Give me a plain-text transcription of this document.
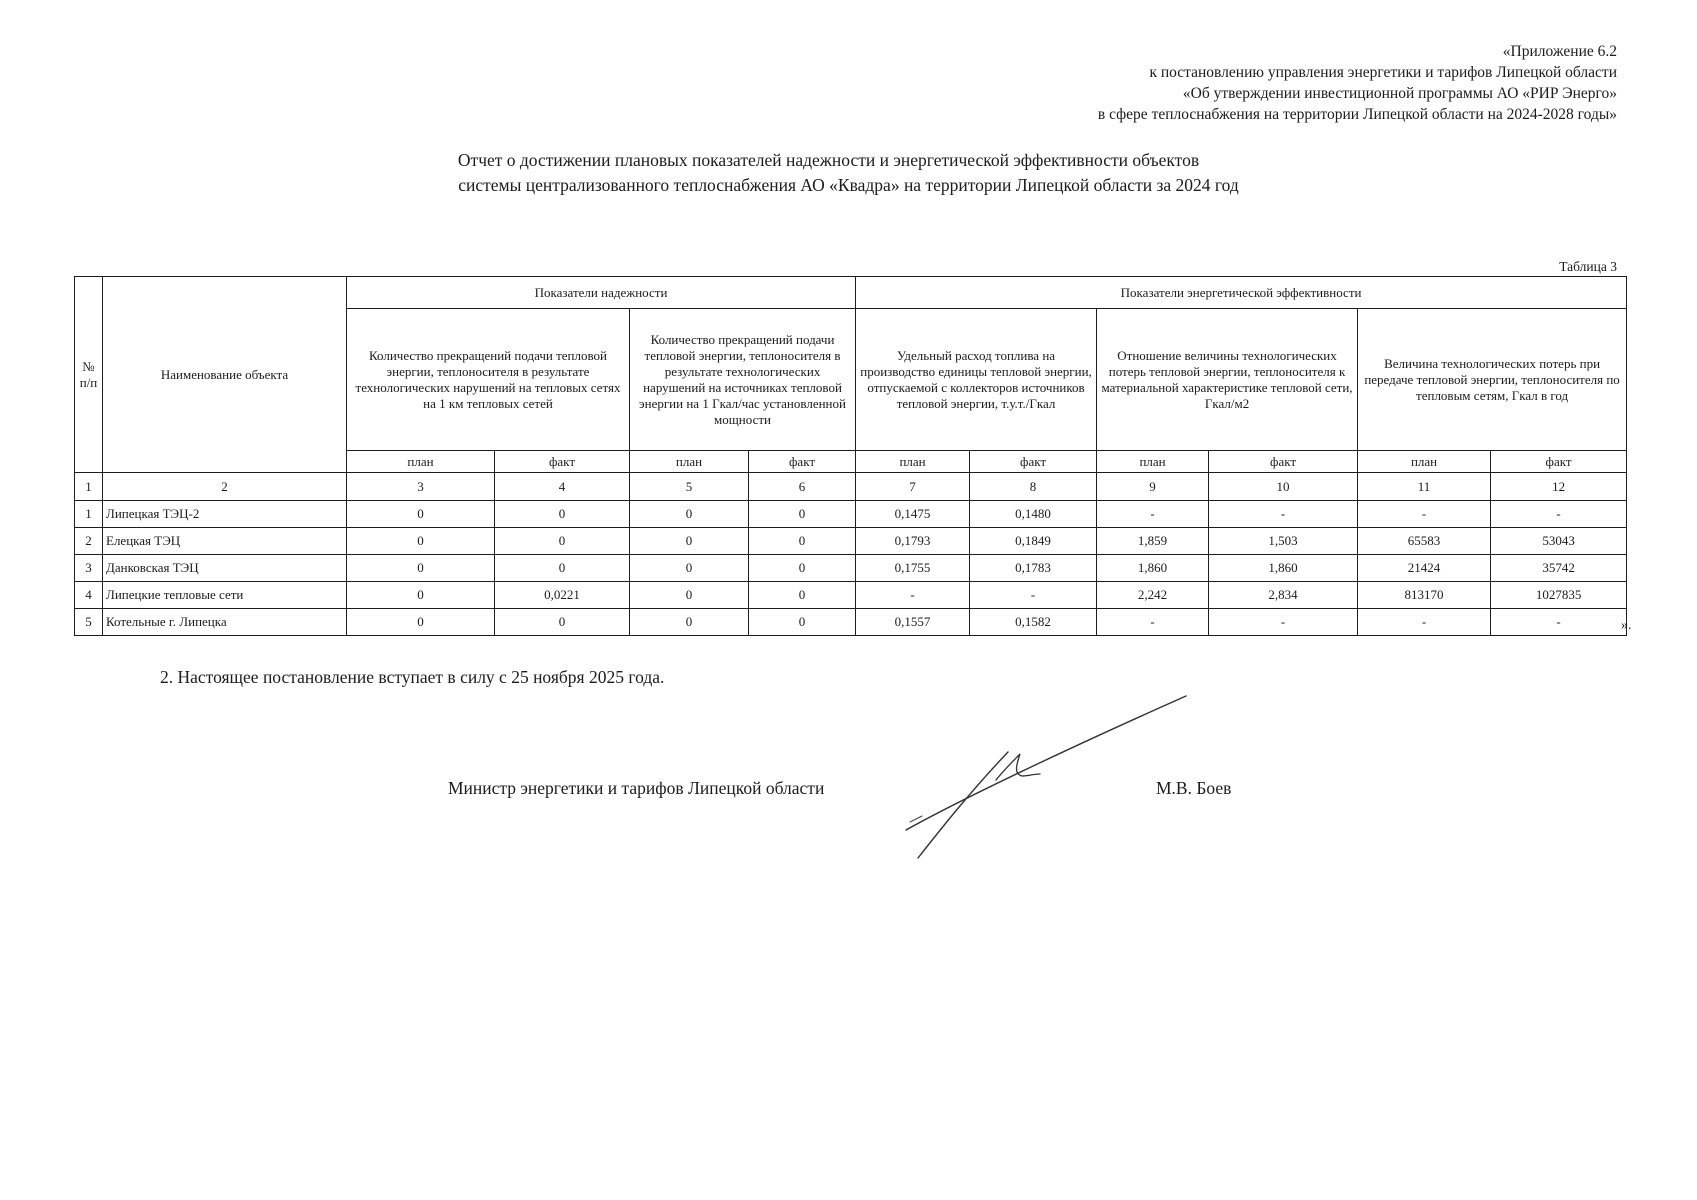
«Приложение 6.2
к постановлению управления энергетики и тарифов Липецкой области
«Об утверждении инвестиционной программы АО «РИР Энерго»
в сфере теплоснабжения на территории Липецкой области на 2024-2028 годы»
Отчет о достижении плановых показателей надежности и энергетической эффективности объектов
системы централизованного теплоснабжения АО «Квадра» на территории Липецкой области за 2024 год
Таблица 3
№ п/п	Наименование объекта	Показатели надежности				Показатели энергетической эффективности					
		Количество прекращений подачи тепловой энергии, теплоносителя в результате технологических нарушений на тепловых сетях на 1 км тепловых сетей		Количество прекращений подачи тепловой энергии, теплоносителя в результате технологических нарушений на источниках тепловой энергии на 1 Гкал/час установленной мощности		Удельный расход топлива на производство единицы тепловой энергии, отпускаемой с коллекторов источников тепловой энергии, т.у.т./Гкал		Отношение величины технологических потерь тепловой энергии, теплоносителя к материальной характеристике тепловой сети, Гкал/м2		Величина технологических потерь при передаче тепловой энергии, теплоносителя по тепловым сетям, Гкал в год	
		план	факт	план	факт	план	факт	план	факт	план	факт
1	2	3	4	5	6	7	8	9	10	11	12
1	Липецкая ТЭЦ-2	0	0	0	0	0,1475	0,1480	-	-	-	-
2	Елецкая ТЭЦ	0	0	0	0	0,1793	0,1849	1,859	1,503	65583	53043
3	Данковская ТЭЦ	0	0	0	0	0,1755	0,1783	1,860	1,860	21424	35742
4	Липецкие тепловые сети	0	0,0221	0	0	-	-	2,242	2,834	813170	1027835
5	Котельные г. Липецка	0	0	0	0	0,1557	0,1582	-	-	-	-	».
2. Настоящее постановление вступает в силу с 25 ноября 2025 года.
Министр энергетики и тарифов Липецкой области	М.В. Боев
